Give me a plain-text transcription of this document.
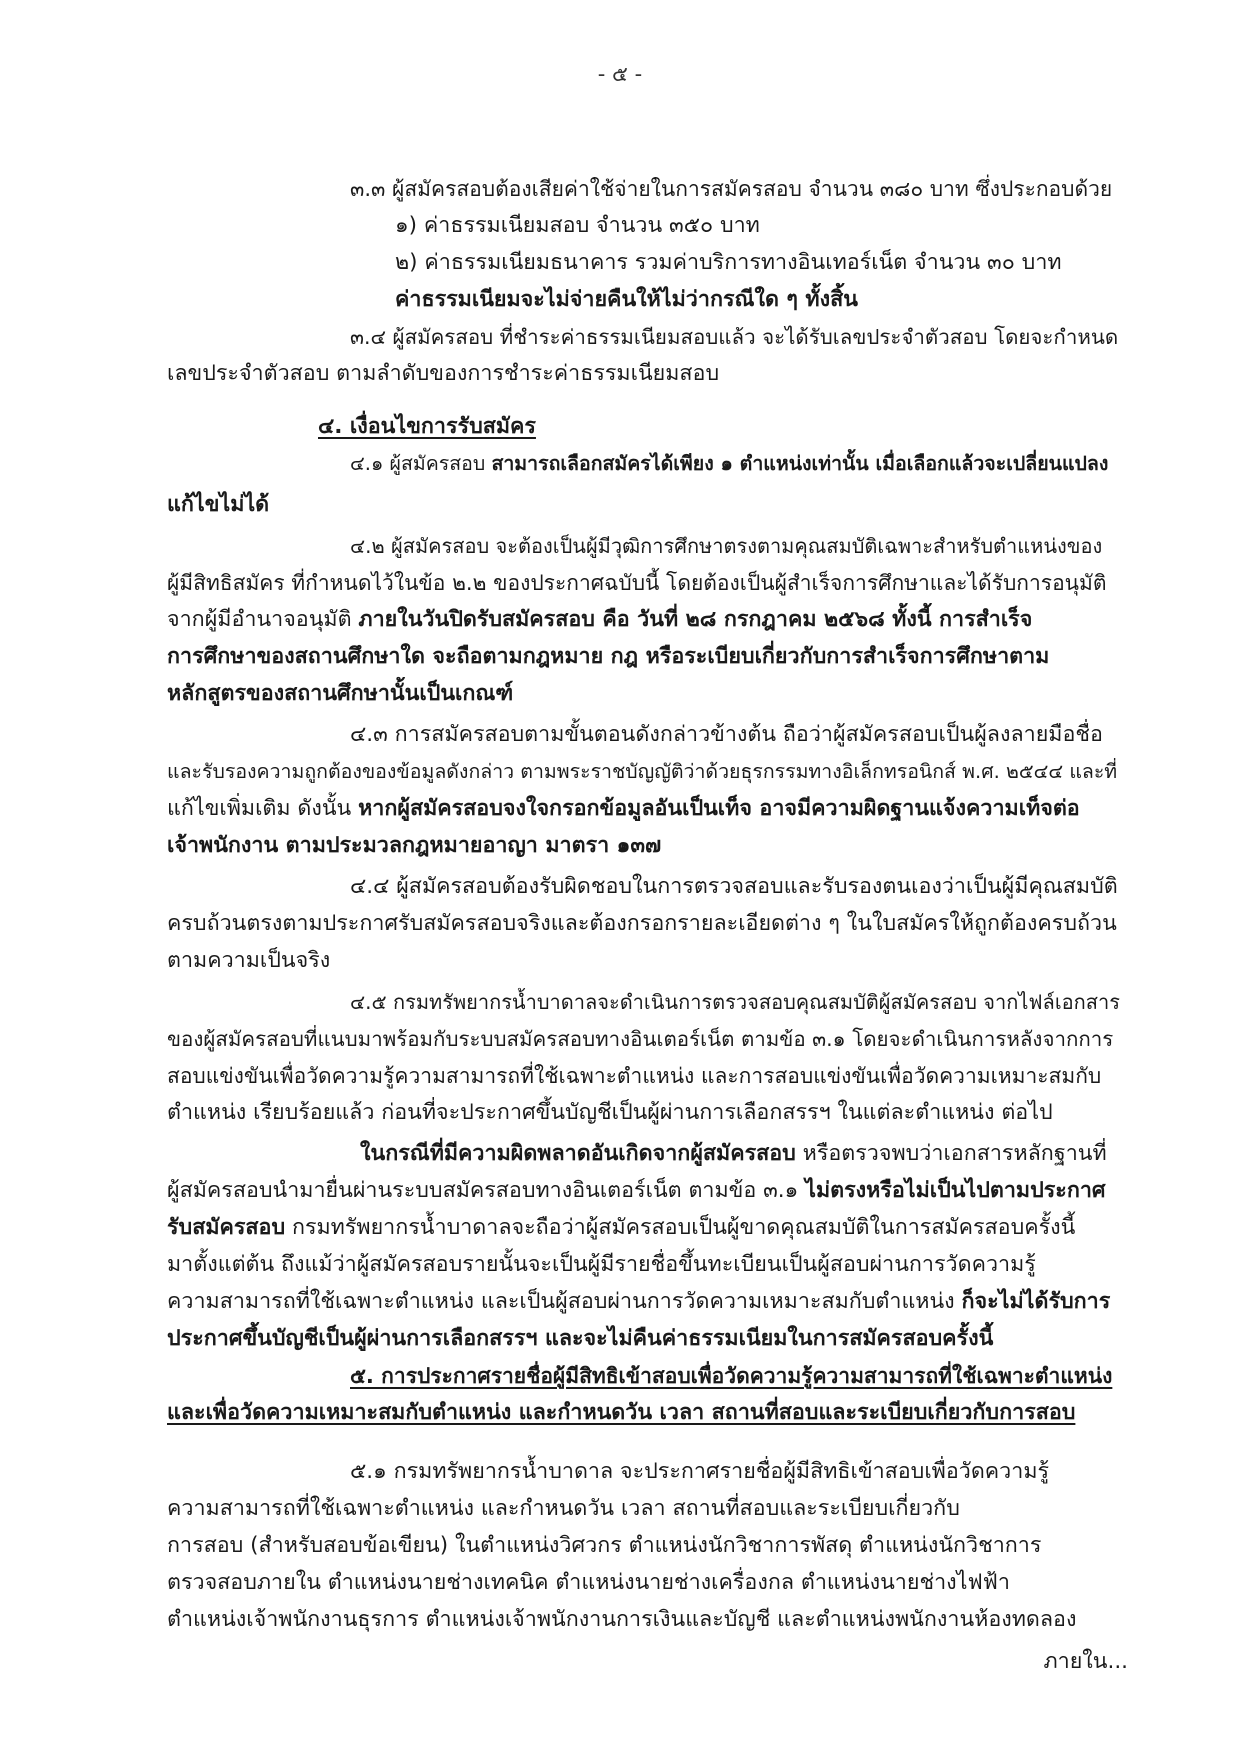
- ๕ -
๓.๓ ผู้สมัครสอบต้องเสียค่าใช้จ่ายในการสมัครสอบ จำนวน ๓๘๐ บาท ซึ่งประกอบด้วย
๑) ค่าธรรมเนียมสอบ จำนวน ๓๕๐ บาท
๒) ค่าธรรมเนียมธนาคาร รวมค่าบริการทางอินเทอร์เน็ต จำนวน ๓๐ บาท
ค่าธรรมเนียมจะไม่จ่ายคืนให้ไม่ว่ากรณีใด ๆ ทั้งสิ้น
๓.๔ ผู้สมัครสอบ ที่ชำระค่าธรรมเนียมสอบแล้ว จะได้รับเลขประจำตัวสอบ โดยจะกำหนด
เลขประจำตัวสอบ ตามลำดับของการชำระค่าธรรมเนียมสอบ
๔. เงื่อนไขการรับสมัคร
๔.๑ ผู้สมัครสอบ สามารถเลือกสมัครได้เพียง ๑ ตำแหน่งเท่านั้น เมื่อเลือกแล้วจะเปลี่ยนแปลง
แก้ไขไม่ได้
๔.๒ ผู้สมัครสอบ จะต้องเป็นผู้มีวุฒิการศึกษาตรงตามคุณสมบัติเฉพาะสำหรับตำแหน่งของ
ผู้มีสิทธิสมัคร ที่กำหนดไว้ในข้อ ๒.๒ ของประกาศฉบับนี้ โดยต้องเป็นผู้สำเร็จการศึกษาและได้รับการอนุมัติ
จากผู้มีอำนาจอนุมัติ ภายในวันปิดรับสมัครสอบ คือ วันที่ ๒๘ กรกฎาคม ๒๕๖๘ ทั้งนี้ การสำเร็จ
การศึกษาของสถานศึกษาใด จะถือตามกฎหมาย กฎ หรือระเบียบเกี่ยวกับการสำเร็จการศึกษาตาม
หลักสูตรของสถานศึกษานั้นเป็นเกณฑ์
๔.๓ การสมัครสอบตามขั้นตอนดังกล่าวข้างต้น ถือว่าผู้สมัครสอบเป็นผู้ลงลายมือชื่อ
และรับรองความถูกต้องของข้อมูลดังกล่าว ตามพระราชบัญญัติว่าด้วยธุรกรรมทางอิเล็กทรอนิกส์ พ.ศ. ๒๕๔๔ และที่
แก้ไขเพิ่มเติม ดังนั้น หากผู้สมัครสอบจงใจกรอกข้อมูลอันเป็นเท็จ อาจมีความผิดฐานแจ้งความเท็จต่อ
เจ้าพนักงาน ตามประมวลกฎหมายอาญา มาตรา ๑๓๗
๔.๔ ผู้สมัครสอบต้องรับผิดชอบในการตรวจสอบและรับรองตนเองว่าเป็นผู้มีคุณสมบัติ
ครบถ้วนตรงตามประกาศรับสมัครสอบจริงและต้องกรอกรายละเอียดต่าง ๆ ในใบสมัครให้ถูกต้องครบถ้วน
ตามความเป็นจริง
๔.๕ กรมทรัพยากรน้ำบาดาลจะดำเนินการตรวจสอบคุณสมบัติผู้สมัครสอบ จากไฟล์เอกสาร
ของผู้สมัครสอบที่แนบมาพร้อมกับระบบสมัครสอบทางอินเตอร์เน็ต ตามข้อ ๓.๑ โดยจะดำเนินการหลังจากการ
สอบแข่งขันเพื่อวัดความรู้ความสามารถที่ใช้เฉพาะตำแหน่ง และการสอบแข่งขันเพื่อวัดความเหมาะสมกับ
ตำแหน่ง เรียบร้อยแล้ว ก่อนที่จะประกาศขึ้นบัญชีเป็นผู้ผ่านการเลือกสรรฯ ในแต่ละตำแหน่ง ต่อไป
ในกรณีที่มีความผิดพลาดอันเกิดจากผู้สมัครสอบ หรือตรวจพบว่าเอกสารหลักฐานที่
ผู้สมัครสอบนำมายื่นผ่านระบบสมัครสอบทางอินเตอร์เน็ต ตามข้อ ๓.๑ ไม่ตรงหรือไม่เป็นไปตามประกาศ
รับสมัครสอบ กรมทรัพยากรน้ำบาดาลจะถือว่าผู้สมัครสอบเป็นผู้ขาดคุณสมบัติในการสมัครสอบครั้งนี้
มาตั้งแต่ต้น ถึงแม้ว่าผู้สมัครสอบรายนั้นจะเป็นผู้มีรายชื่อขึ้นทะเบียนเป็นผู้สอบผ่านการวัดความรู้
ความสามารถที่ใช้เฉพาะตำแหน่ง และเป็นผู้สอบผ่านการวัดความเหมาะสมกับตำแหน่ง ก็จะไม่ได้รับการ
ประกาศขึ้นบัญชีเป็นผู้ผ่านการเลือกสรรฯ และจะไม่คืนค่าธรรมเนียมในการสมัครสอบครั้งนี้
๕. การประกาศรายชื่อผู้มีสิทธิเข้าสอบเพื่อวัดความรู้ความสามารถที่ใช้เฉพาะตำแหน่ง
และเพื่อวัดความเหมาะสมกับตำแหน่ง และกำหนดวัน เวลา สถานที่สอบและระเบียบเกี่ยวกับการสอบ
๕.๑ กรมทรัพยากรน้ำบาดาล จะประกาศรายชื่อผู้มีสิทธิเข้าสอบเพื่อวัดความรู้
ความสามารถที่ใช้เฉพาะตำแหน่ง และกำหนดวัน เวลา สถานที่สอบและระเบียบเกี่ยวกับ
การสอบ (สำหรับสอบข้อเขียน) ในตำแหน่งวิศวกร ตำแหน่งนักวิชาการพัสดุ ตำแหน่งนักวิชาการ
ตรวจสอบภายใน ตำแหน่งนายช่างเทคนิค ตำแหน่งนายช่างเครื่องกล ตำแหน่งนายช่างไฟฟ้า
ตำแหน่งเจ้าพนักงานธุรการ ตำแหน่งเจ้าพนักงานการเงินและบัญชี และตำแหน่งพนักงานห้องทดลอง
ภายใน...
